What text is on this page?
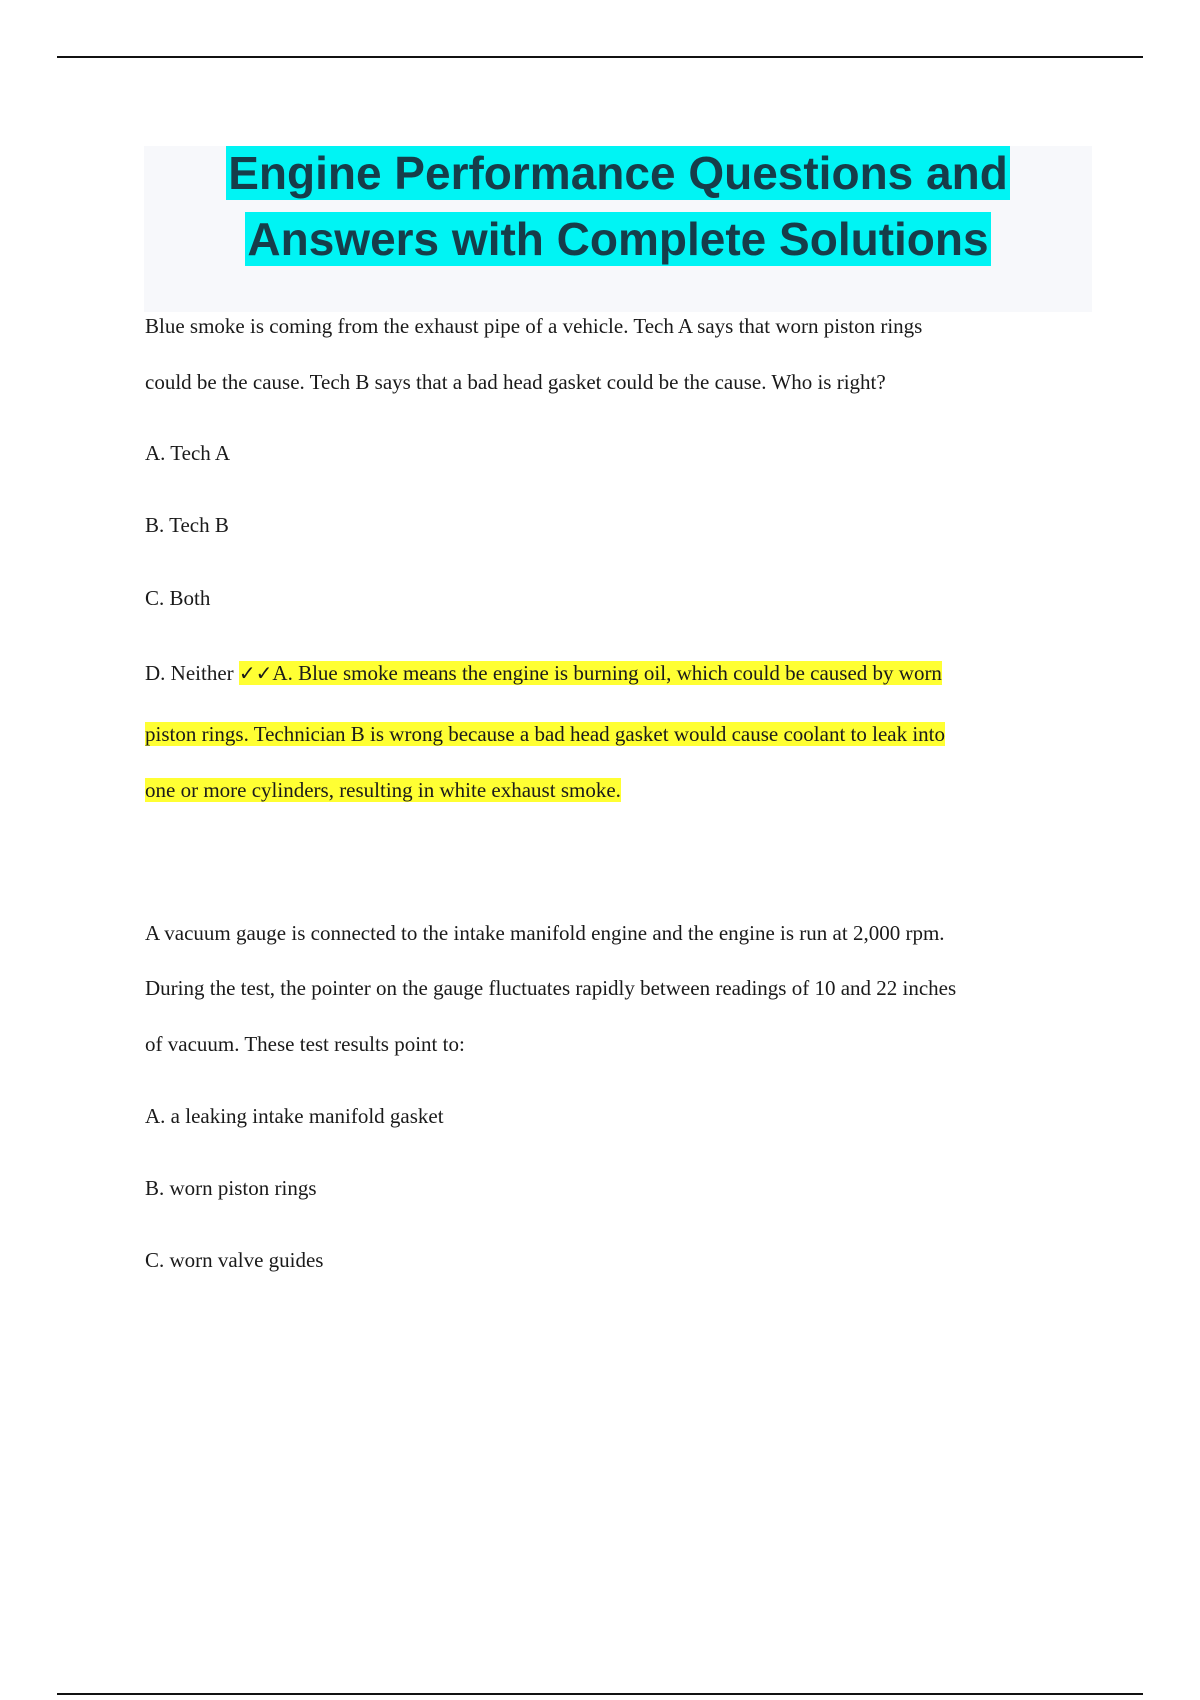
Engine Performance Questions and
Answers with Complete Solutions

Blue smoke is coming from the exhaust pipe of a vehicle. Tech A says that worn piston rings

could be the cause. Tech B says that a bad head gasket could be the cause. Who is right?

A. Tech A

B. Tech B

C. Both

D. Neither ✓✓A. Blue smoke means the engine is burning oil, which could be caused by worn

piston rings. Technician B is wrong because a bad head gasket would cause coolant to leak into

one or more cylinders, resulting in white exhaust smoke.

A vacuum gauge is connected to the intake manifold engine and the engine is run at 2,000 rpm.

During the test, the pointer on the gauge fluctuates rapidly between readings of 10 and 22 inches

of vacuum. These test results point to:

A. a leaking intake manifold gasket

B. worn piston rings

C. worn valve guides
